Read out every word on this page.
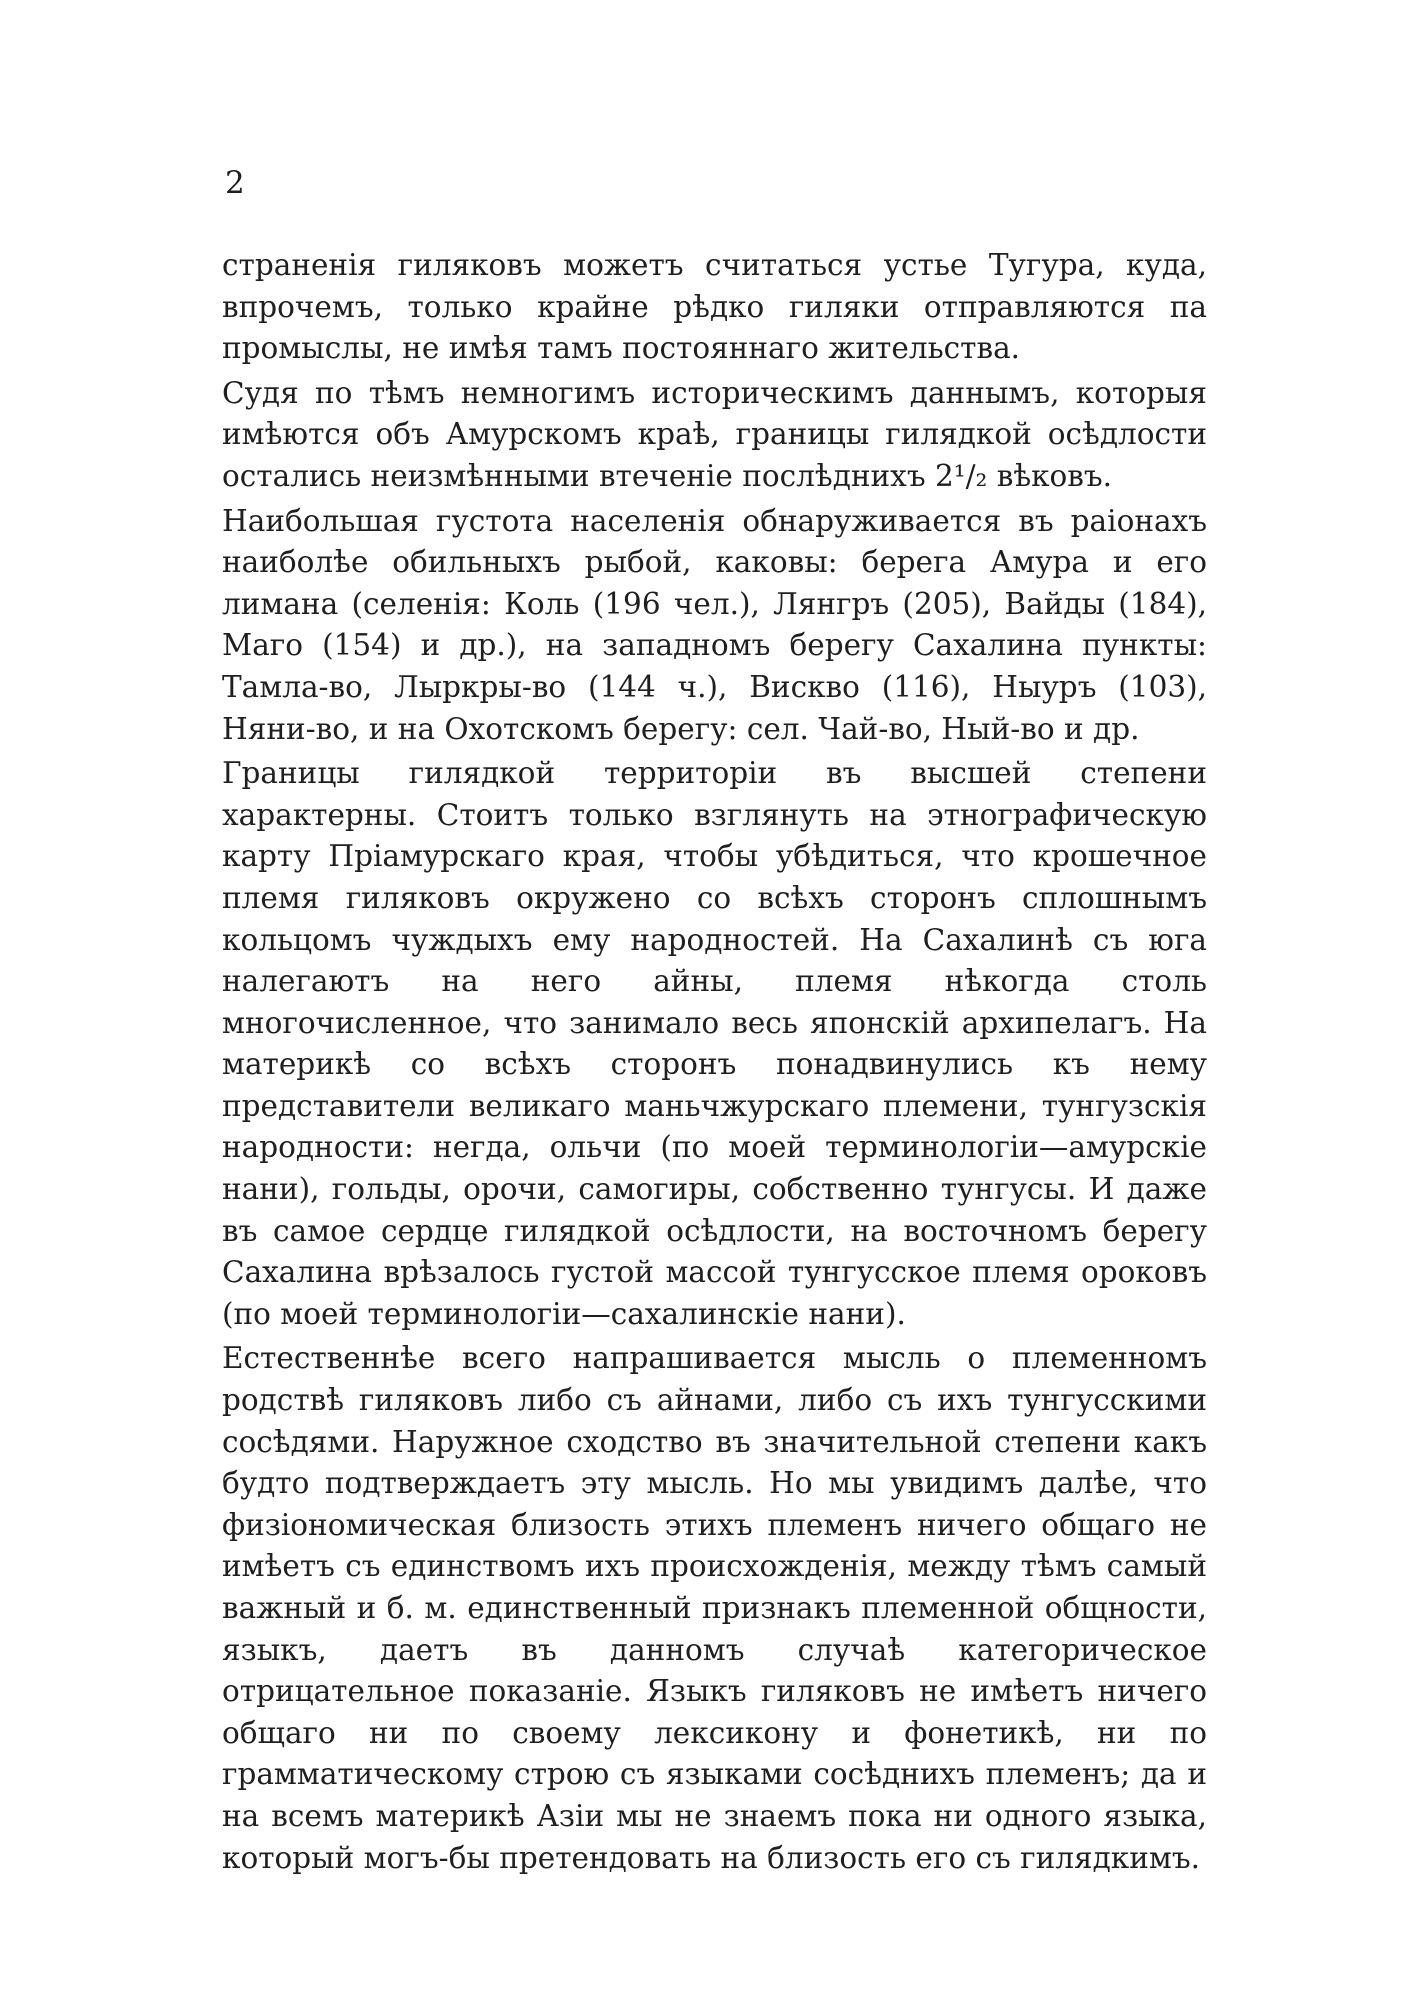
2

страненія гиляковъ можетъ считаться устье Тугура, куда, впрочемъ, только крайне рѣдко гиляки отправляются па промыслы, не имѣя тамъ постояннаго жительства.

Судя по тѣмъ немногимъ историческимъ даннымъ, которыя имѣются объ Амурскомъ краѣ, границы гилядкой осѣдлости остались неизмѣнными втеченіе послѣднихъ 2¹/₂ вѣковъ.

Наибольшая густота населенія обнаруживается въ раіонахъ наиболѣе обильныхъ рыбой, каковы: берега Амура и его лимана (селенія: Коль (196 чел.), Лянгръ (205), Вайды (184), Маго (154) и др.), на западномъ берегу Сахалина пункты: Тамла-во, Лыркры-во (144 ч.), Виcкво (116), Ныуръ (103), Няни-во, и на Охотскомъ берегу: сел. Чай-во, Ный-во и др.

Границы гилядкой территоріи въ высшей степени характерны. Стоитъ только взглянуть на этнографическую карту Пріамурскаго края, чтобы убѣдиться, что крошечное племя гиляковъ окружено со всѣхъ сторонъ сплошнымъ кольцомъ чуждыхъ ему народностей. На Сахалинѣ съ юга налегаютъ на него айны, племя нѣкогда столь многочисленное, что занимало весь японскій архипелагъ. На материкѣ со всѣхъ сторонъ понадвинулись къ нему представители великаго маньчжурскаго племени, тунгузскія народности: негда, ольчи (по моей терминологіи—амурскіе нани), гольды, орочи, самогиры, собственно тунгусы. И даже въ самое сердце гилядкой осѣдлости, на восточномъ берегу Сахалина врѣзалось густой массой тунгусское племя ороковъ (по моей терминологіи—сахалинскіе нани).

Естественнѣе всего напрашивается мысль о племенномъ родствѣ гиляковъ либо съ айнами, либо съ ихъ тунгусскими сосѣдями. Наружное сходство въ значительной степени какъ будто подтверждаетъ эту мысль. Но мы увидимъ далѣе, что физіономическая близость этихъ племенъ ничего общаго не имѣетъ съ единствомъ ихъ происхожденія, между тѣмъ самый важный и б. м. единственный признакъ племенной общности, языкъ, даетъ въ данномъ случаѣ категорическое отрицательное показаніе. Языкъ гиляковъ не имѣетъ ничего общаго ни по своему лексикону и фонетикѣ, ни по грамматическому строю съ языками сосѣднихъ племенъ; да и на всемъ материкѣ Азіи мы не знаемъ пока ни одного языка, который могъ-бы претендовать на близость его съ гилядкимъ.
